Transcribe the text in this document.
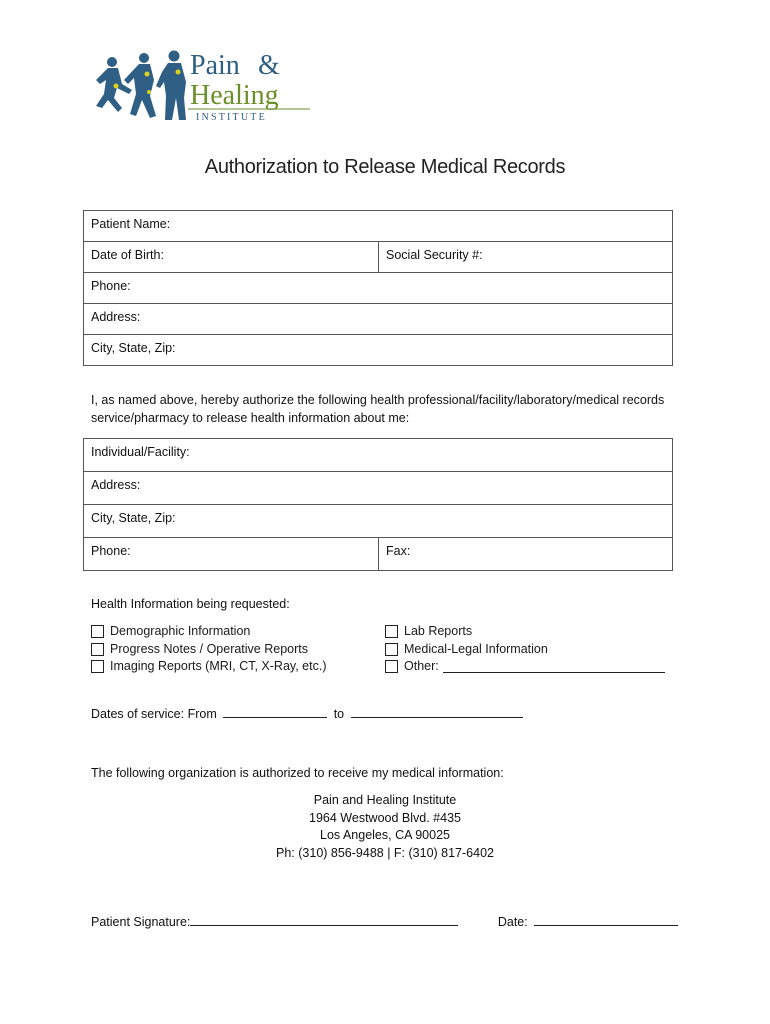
Pain &
Healing
INSTITUTE
Authorization to Release Medical Records
Patient Name:
Date of Birth:	Social Security #:
Phone:
Address:
City, State, Zip:
I, as named above, hereby authorize the following health professional/facility/laboratory/medical records service/pharmacy to release health information about me:
Individual/Facility:
Address:
City, State, Zip:
Phone:	Fax:
Health Information being requested:
Demographic Information
Progress Notes / Operative Reports
Imaging Reports (MRI, CT, X-Ray, etc.)
Lab Reports
Medical-Legal Information
Other:
Dates of service: From	to
The following organization is authorized to receive my medical information:
Pain and Healing Institute
1964 Westwood Blvd. #435
Los Angeles, CA 90025
Ph: (310) 856-9488 | F: (310) 817-6402
Patient Signature:	Date:
